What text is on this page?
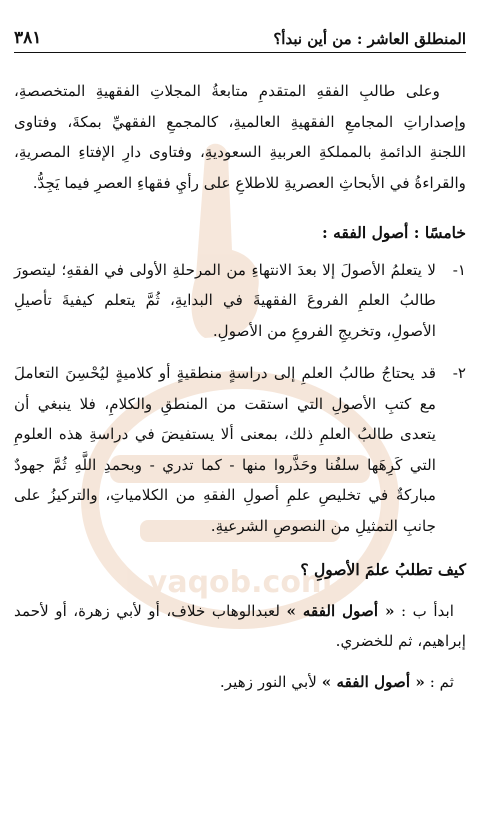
yaqob.com
المنطلق العاشر : من أين نبدأ؟
٣٨١

وعلى طالبِ الفقهِ المتقدمِ متابعةُ المجلاتِ الفقهيةِ المتخصصةِ، وإصداراتِ المجامعِ الفقهيةِ العالميةِ، كالمجمعِ الفقهيِّ بمكةَ، وفتاوى اللجنةِ الدائمةِ بالمملكةِ العربيةِ السعوديةِ، وفتاوى دارِ الإفتاءِ المصريةِ، والقراءةُ في الأبحاثِ العصريةِ للاطلاعِ على رأيِ فقهاءِ العصرِ فيما يَجِدُّ.

خامسًا : أصول الفقه :
١-
لا يتعلمُ الأصولَ إلا بعدَ الانتهاءِ من المرحلةِ الأولى في الفقهِ؛ ليتصورَ طالبُ العلمِ الفروعَ الفقهيةَ في البدايةِ، ثُمَّ يتعلم كيفيةَ تأصيلِ الأصولِ، وتخريجِ الفروعِ من الأصولِ.
٢-
قد يحتاجُ طالبُ العلمِ إلى دراسةٍ منطقيةٍ أو كلاميةٍ ليُحْسِنَ التعاملَ مع كتبِ الأصولِ التي استقت من المنطقِ والكلامِ، فلا ينبغي أن يتعدى طالبُ العلمِ ذلك، بمعنى ألا يستفيضَ في دراسةِ هذه العلومِ التي كَرِهَها سلفُنا وحَذَّروا منها - كما تدري - وبحمدِ اللَّهِ ثُمَّ جهودٌ مباركةٌ في تخليصِ علمِ أصولِ الفقهِ من الكلامياتِ، والتركيزُ على جانبِ التمثيلِ من النصوصِ الشرعيةِ.
كيف تطلبُ علمَ الأصولِ ؟

ابدأ ب : « أصول الفقه » لعبدالوهاب خلاف، أو لأبي زهرة، أو لأحمد إبراهيم، ثم للخضري.

ثم : « أصول الفقه » لأبي النور زهير.
